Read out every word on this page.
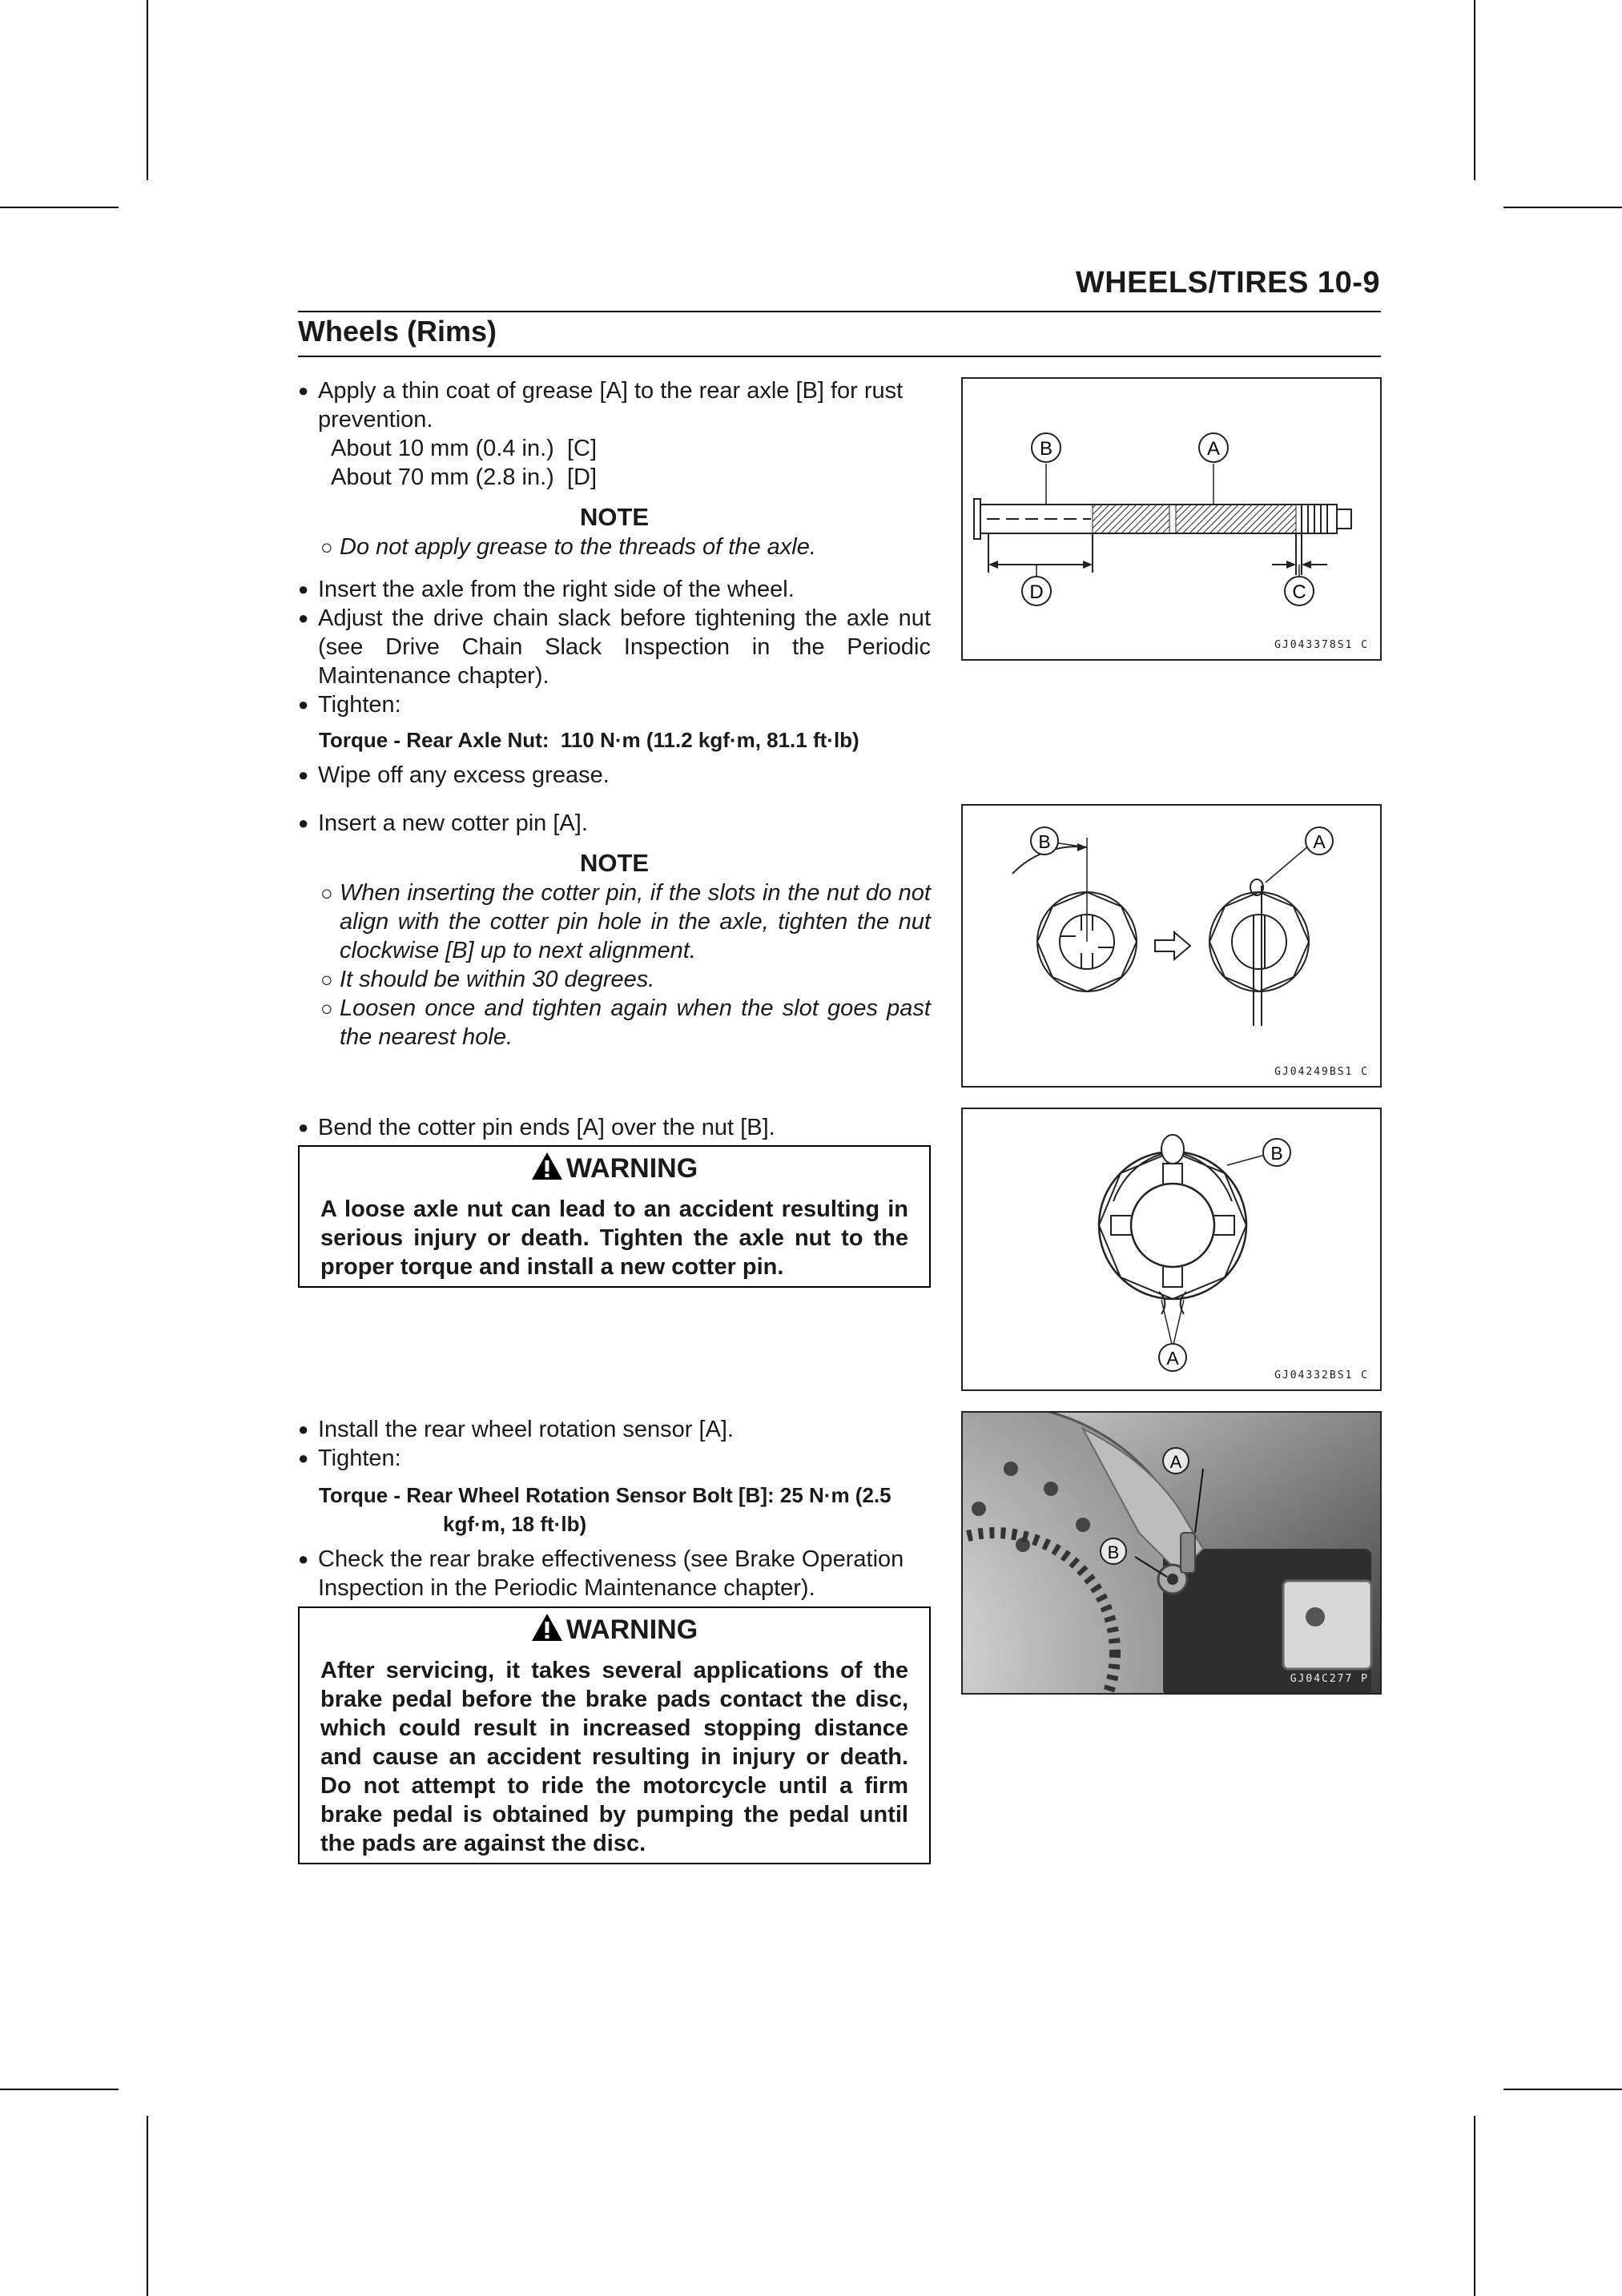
WHEELS/TIRES 10-9
Wheels (Rims)
● Apply a thin coat of grease [A] to the rear axle [B] for rust prevention.
About 10 mm (0.4 in.)  [C]
About 70 mm (2.8 in.)  [D]
NOTE
○ Do not apply grease to the threads of the axle.
● Insert the axle from the right side of the wheel.
● Adjust the drive chain slack before tightening the axle nut (see Drive Chain Slack Inspection in the Periodic Maintenance chapter).
● Tighten:
Torque - Rear Axle Nut:  110 N·m (11.2 kgf·m, 81.1 ft·lb)
● Wipe off any excess grease.
● Insert a new cotter pin [A].
NOTE
○ When inserting the cotter pin, if the slots in the nut do not align with the cotter pin hole in the axle, tighten the nut clockwise [B] up to next alignment.
○ It should be within 30 degrees.
○ Loosen once and tighten again when the slot goes past the nearest hole.
● Bend the cotter pin ends [A] over the nut [B].
WARNING
A loose axle nut can lead to an accident resulting in serious injury or death. Tighten the axle nut to the proper torque and install a new cotter pin.
● Install the rear wheel rotation sensor [A].
● Tighten:
Torque - Rear Wheel Rotation Sensor Bolt [B]: 25 N·m (2.5
kgf·m, 18 ft·lb)
● Check the rear brake effectiveness (see Brake Operation Inspection in the Periodic Maintenance chapter).
WARNING
After servicing, it takes several applications of the brake pedal before the brake pads contact the disc, which could result in increased stopping distance and cause an accident resulting in injury or death. Do not attempt to ride the motorcycle until a firm brake pedal is obtained by pumping the pedal until the pads are against the disc.
B	A
D	C
GJ043378S1 C
B	A
GJ04249BS1 C
B
A
GJ04332BS1 C
A
B
GJ04C277 P
